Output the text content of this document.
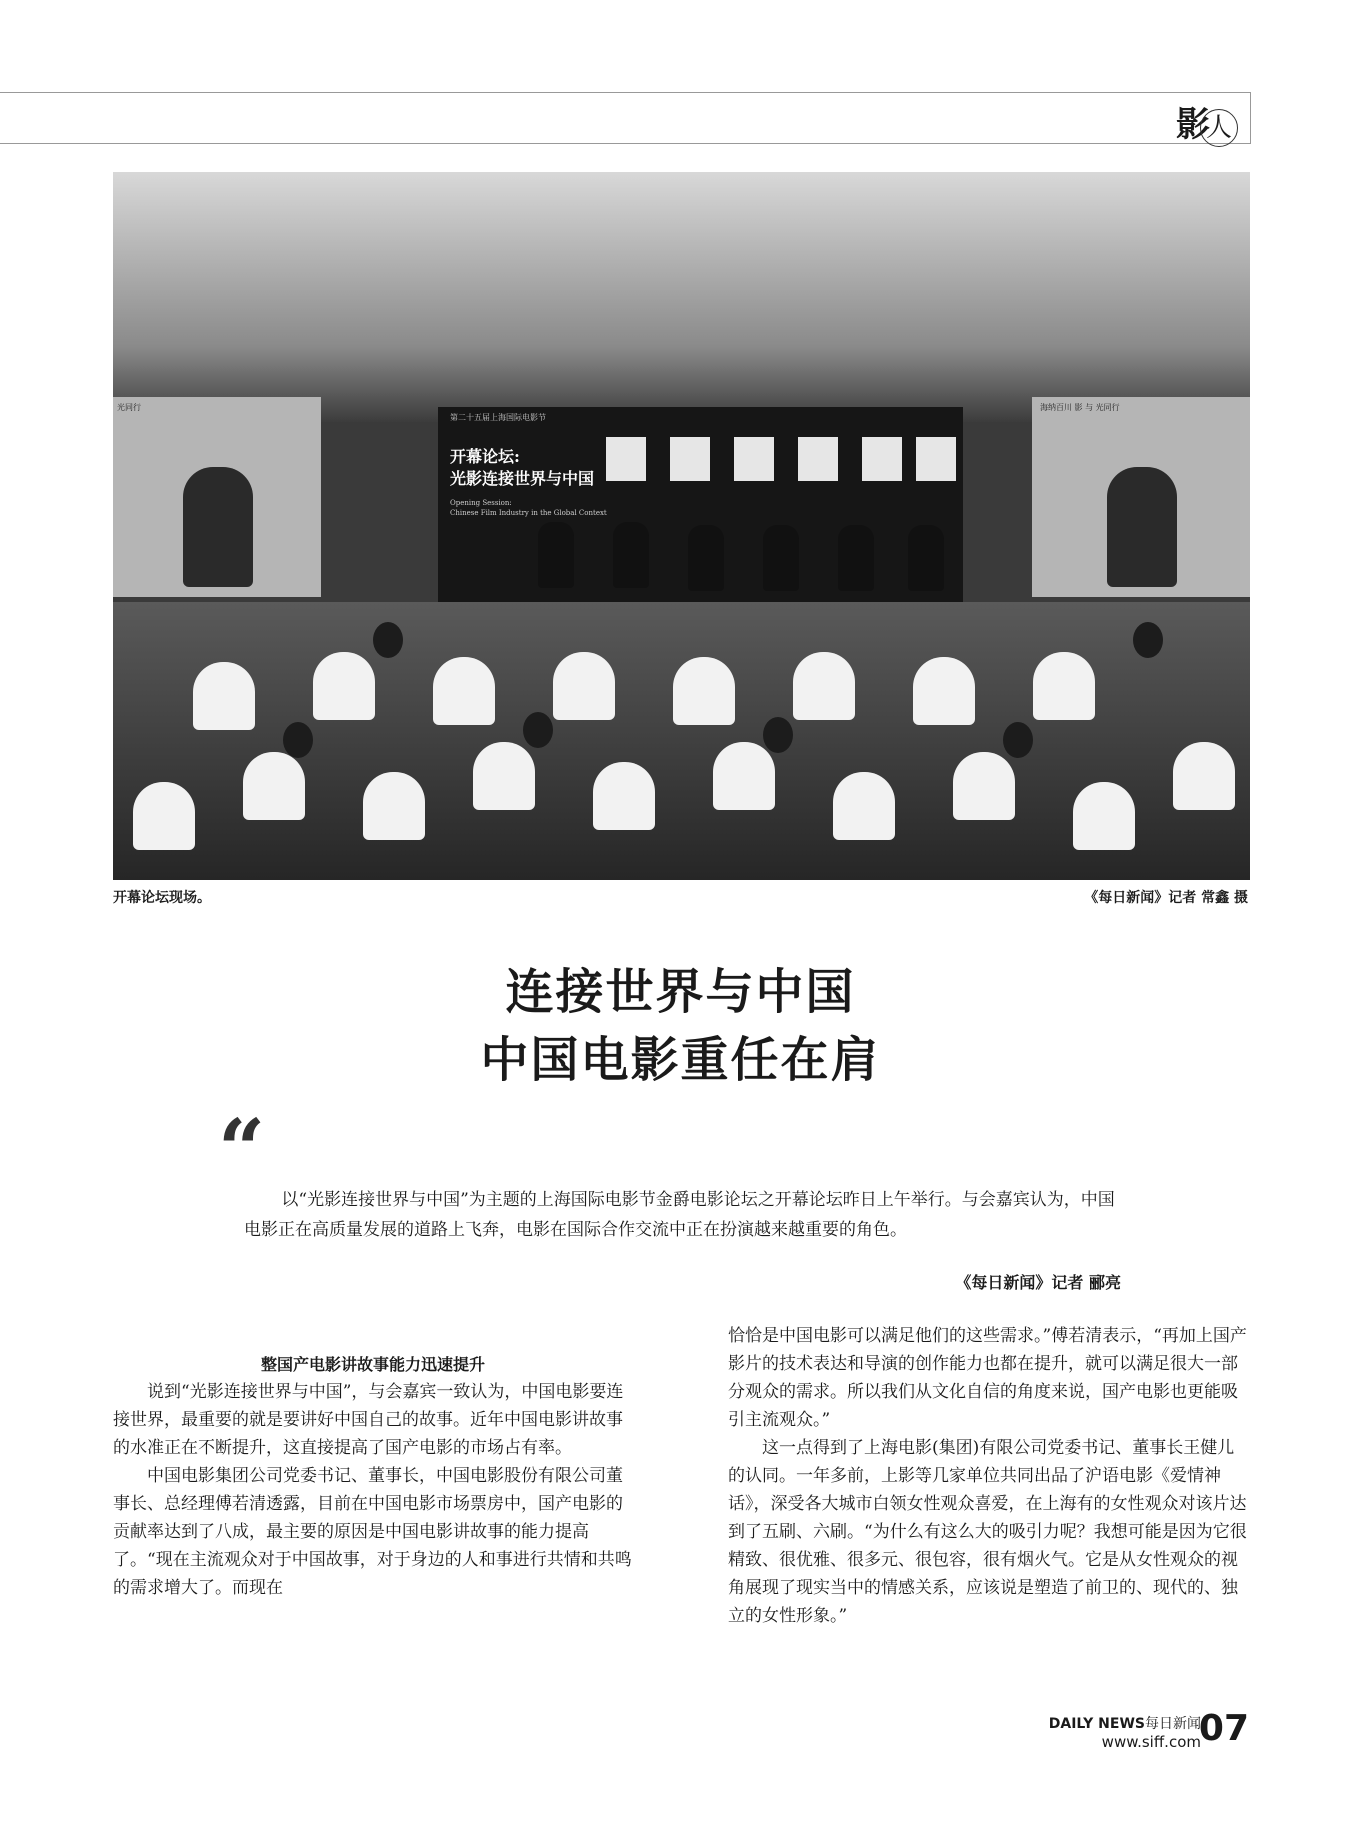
影人
光同行	海纳百川 影 与 光同行
第二十五届上海国际电影节
开幕论坛:
光影连接世界与中国
Opening Session:
Chinese Film Industry in the Global Context
开幕论坛现场。	《每日新闻》记者 常鑫 摄
连接世界与中国
中国电影重任在肩
“
以“光影连接世界与中国”为主题的上海国际电影节金爵电影论坛之开幕论坛昨日上午举行。与会嘉宾认为，中国电影正在高质量发展的道路上飞奔，电影在国际合作交流中正在扮演越来越重要的角色。
《每日新闻》记者 郦亮
整国产电影讲故事能力迅速提升

说到“光影连接世界与中国”，与会嘉宾一致认为，中国电影要连接世界，最重要的就是要讲好中国自己的故事。近年中国电影讲故事的水准正在不断提升，这直接提高了国产电影的市场占有率。

中国电影集团公司党委书记、董事长，中国电影股份有限公司董事长、总经理傅若清透露，目前在中国电影市场票房中，国产电影的贡献率达到了八成，最主要的原因是中国电影讲故事的能力提高了。“现在主流观众对于中国故事，对于身边的人和事进行共情和共鸣的需求增大了。而现在

恰恰是中国电影可以满足他们的这些需求。”傅若清表示，“再加上国产影片的技术表达和导演的创作能力也都在提升，就可以满足很大一部分观众的需求。所以我们从文化自信的角度来说，国产电影也更能吸引主流观众。”

这一点得到了上海电影(集团)有限公司党委书记、董事长王健儿的认同。一年多前，上影等几家单位共同出品了沪语电影《爱情神话》，深受各大城市白领女性观众喜爱，在上海有的女性观众对该片达到了五刷、六刷。“为什么有这么大的吸引力呢？我想可能是因为它很精致、很优雅、很多元、很包容，很有烟火气。它是从女性观众的视角展现了现实当中的情感关系，应该说是塑造了前卫的、现代的、独立的女性形象。”

DAILY NEWS每日新闻
www.siff.com
07
